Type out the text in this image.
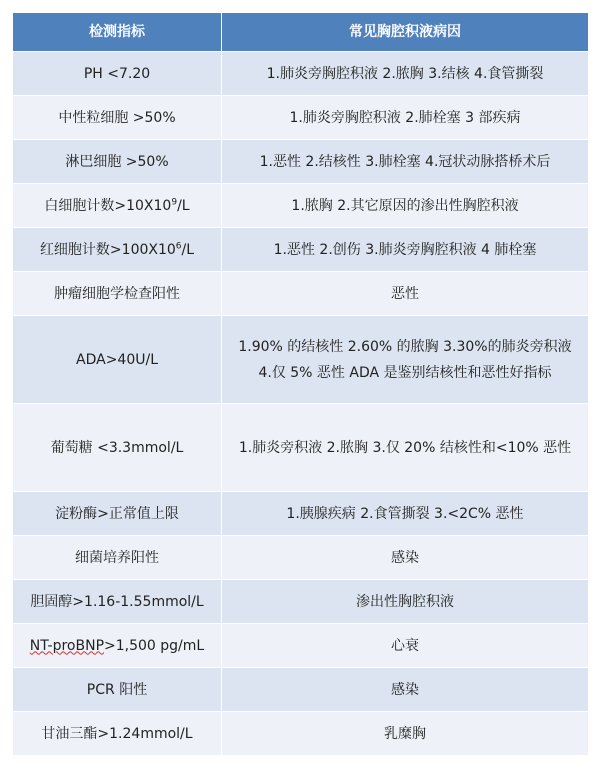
检测指标	常见胸腔积液病因
PH <7.20	1.肺炎旁胸腔积液 2.脓胸 3.结核 4.食管撕裂
中性粒细胞 >50%	1.肺炎旁胸腔积液 2.肺栓塞 3 部疾病
淋巴细胞 >50%	1.恶性 2.结核性 3.肺栓塞 4.冠状动脉搭桥术后
白细胞计数$>10X10^9/L$	1.脓胸 2.其它原因的渗出性胸腔积液
红细胞计数$>100X10^6/L$	1.恶性 2.创伤 3.肺炎旁胸腔积液 4 肺栓塞
肿瘤细胞学检查阳性	恶性
ADA>40U/L	1.90% 的结核性 2.60% 的脓胸 3.30%的肺炎旁积液 4.仅 5% 恶性 ADA 是鉴别结核性和恶性好指标
葡萄糖 <3.3mmol/L	1.肺炎旁积液 2.脓胸 3.仅 20% 结核性和<10% 恶性
淀粉酶>正常值上限	1.胰腺疾病 2.食管撕裂 3.<2C% 恶性
细菌培养阳性	感染
胆固醇>1.16-1.55mmol/L	渗出性胸腔积液
NT-proBNP>1,500 pg/mL	心衰
PCR 阳性	感染
甘油三酯>1.24mmol/L	乳糜胸
